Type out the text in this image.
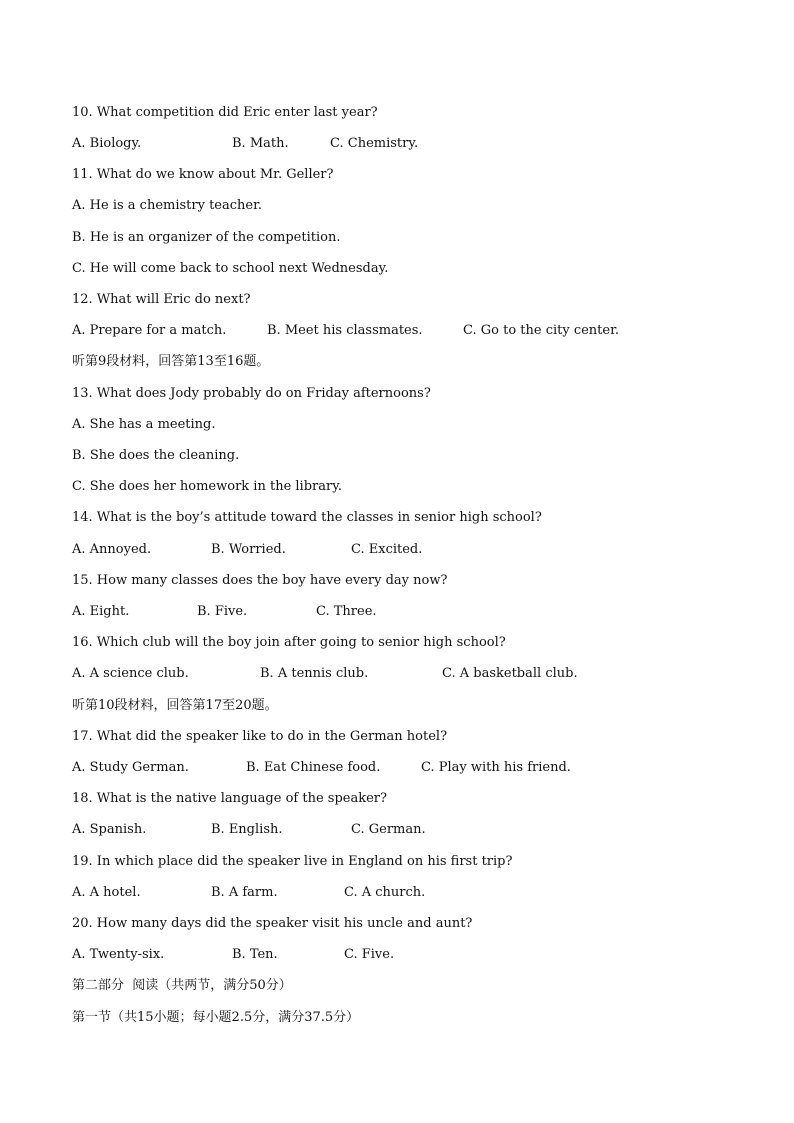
10. What competition did Eric enter last year?
A. Biology.	B. Math.	C. Chemistry.
11. What do we know about Mr. Geller?
A. He is a chemistry teacher.
B. He is an organizer of the competition.
C. He will come back to school next Wednesday.
12. What will Eric do next?
A. Prepare for a match.	B. Meet his classmates.	C. Go to the city center.
听第9段材料，回答第13至16题。
13. What does Jody probably do on Friday afternoons?
A. She has a meeting.
B. She does the cleaning.
C. She does her homework in the library.
14. What is the boy’s attitude toward the classes in senior high school?
A. Annoyed.	B. Worried.	C. Excited.
15. How many classes does the boy have every day now?
A. Eight.	B. Five.	C. Three.
16. Which club will the boy join after going to senior high school?
A. A science club.	B. A tennis club.	C. A basketball club.
听第10段材料，回答第17至20题。
17. What did the speaker like to do in the German hotel?
A. Study German.	B. Eat Chinese food.	C. Play with his friend.
18. What is the native language of the speaker?
A. Spanish.	B. English.	C. German.
19. In which place did the speaker live in England on his first trip?
A. A hotel.	B. A farm.	C. A church.
20. How many days did the speaker visit his uncle and aunt?
A. Twenty-six.	B. Ten.	C. Five.
第二部分  阅读（共两节，满分50分）
第一节（共15小题；每小题2.5分，满分37.5分）
